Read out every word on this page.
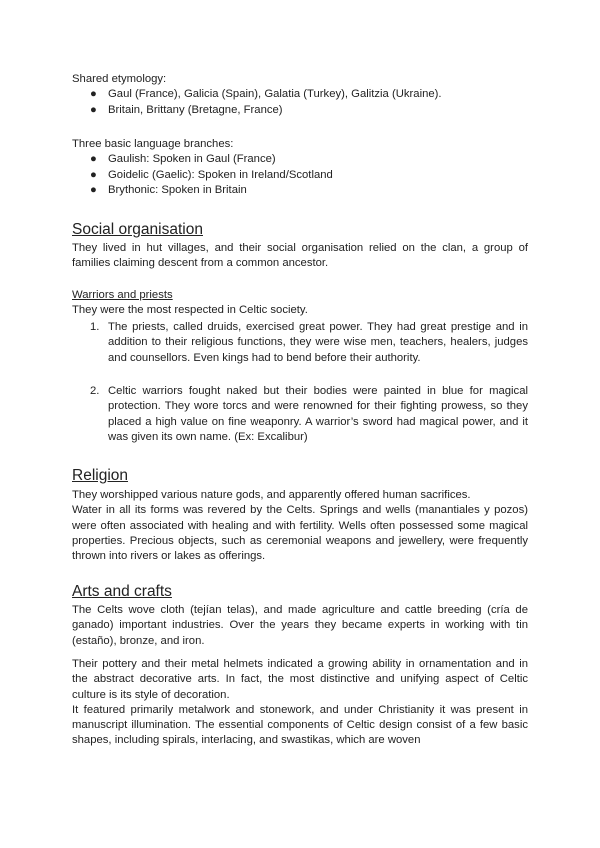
Shared etymology:

● Gaul (France), Galicia (Spain), Galatia (Turkey), Galitzia (Ukraine).
● Britain, Brittany (Bretagne, France)

Three basic language branches:

● Gaulish: Spoken in Gaul (France)
● Goidelic (Gaelic): Spoken in Ireland/Scotland
● Brythonic: Spoken in Britain
Social organisation

They lived in hut villages, and their social organisation relied on the clan, a group of families claiming descent from a common ancestor.

Warriors and priests

They were the most respected in Celtic society.

1. The priests, called druids, exercised great power. They had great prestige and in addition to their religious functions, they were wise men, teachers, healers, judges and counsellors. Even kings had to bend before their authority.
2. Celtic warriors fought naked but their bodies were painted in blue for magical protection. They wore torcs and were renowned for their fighting prowess, so they placed a high value on fine weaponry. A warrior’s sword had magical power, and it was given its own name. (Ex: Excalibur)
Religion

They worshipped various nature gods, and apparently offered human sacrifices.

Water in all its forms was revered by the Celts. Springs and wells (manantiales y pozos) were often associated with healing and with fertility. Wells often possessed some magical properties. Precious objects, such as ceremonial weapons and jewellery, were frequently thrown into rivers or lakes as offerings.

Arts and crafts

The Celts wove cloth (tejían telas), and made agriculture and cattle breeding (cría de ganado) important industries. Over the years they became experts in working with tin (estaño), bronze, and iron.

Their pottery and their metal helmets indicated a growing ability in ornamentation and in the abstract decorative arts. In fact, the most distinctive and unifying aspect of Celtic culture is its style of decoration.

It featured primarily metalwork and stonework, and under Christianity it was present in manuscript illumination. The essential components of Celtic design consist of a few basic shapes, including spirals, interlacing, and swastikas, which are woven
